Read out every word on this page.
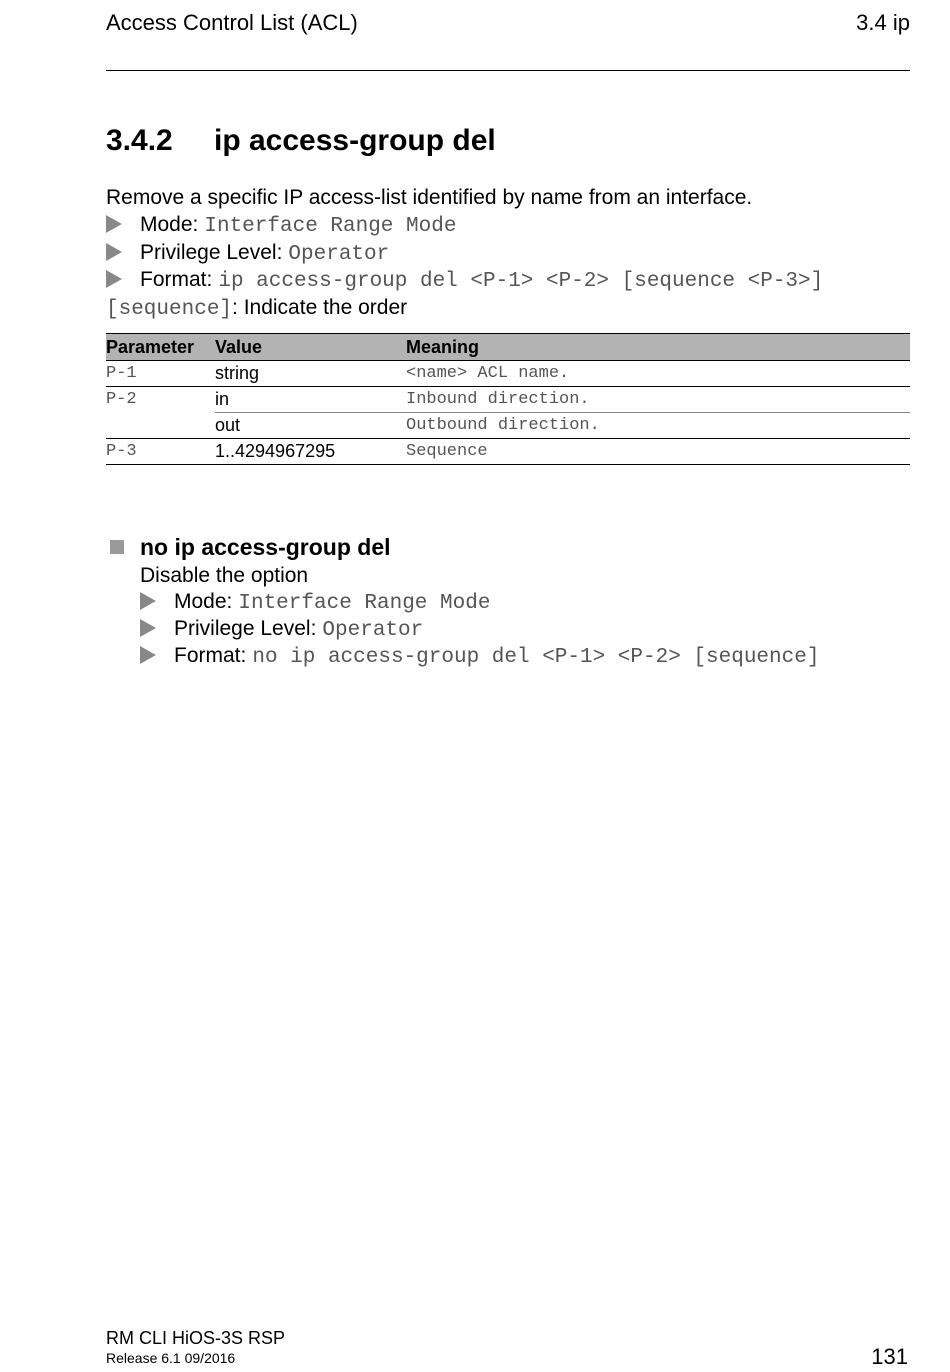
Access Control List (ACL)	3.4 ip
3.4.2 ip access-group del
Remove a specific IP access-list identified by name from an interface.
Mode: Interface Range Mode
Privilege Level: Operator
Format: ip access-group del <P-1> <P-2> [sequence <P-3>]
[sequence]: Indicate the order
Parameter	Value	Meaning
P-1	string	<name> ACL name.
P-2	in	Inbound direction.
	out	Outbound direction.
P-3	1..4294967295	Sequence
no ip access-group del
Disable the option
Mode: Interface Range Mode
Privilege Level: Operator
Format: no ip access-group del <P-1> <P-2> [sequence]
RM CLI HiOS-3S RSP
Release 6.1 09/2016	131
